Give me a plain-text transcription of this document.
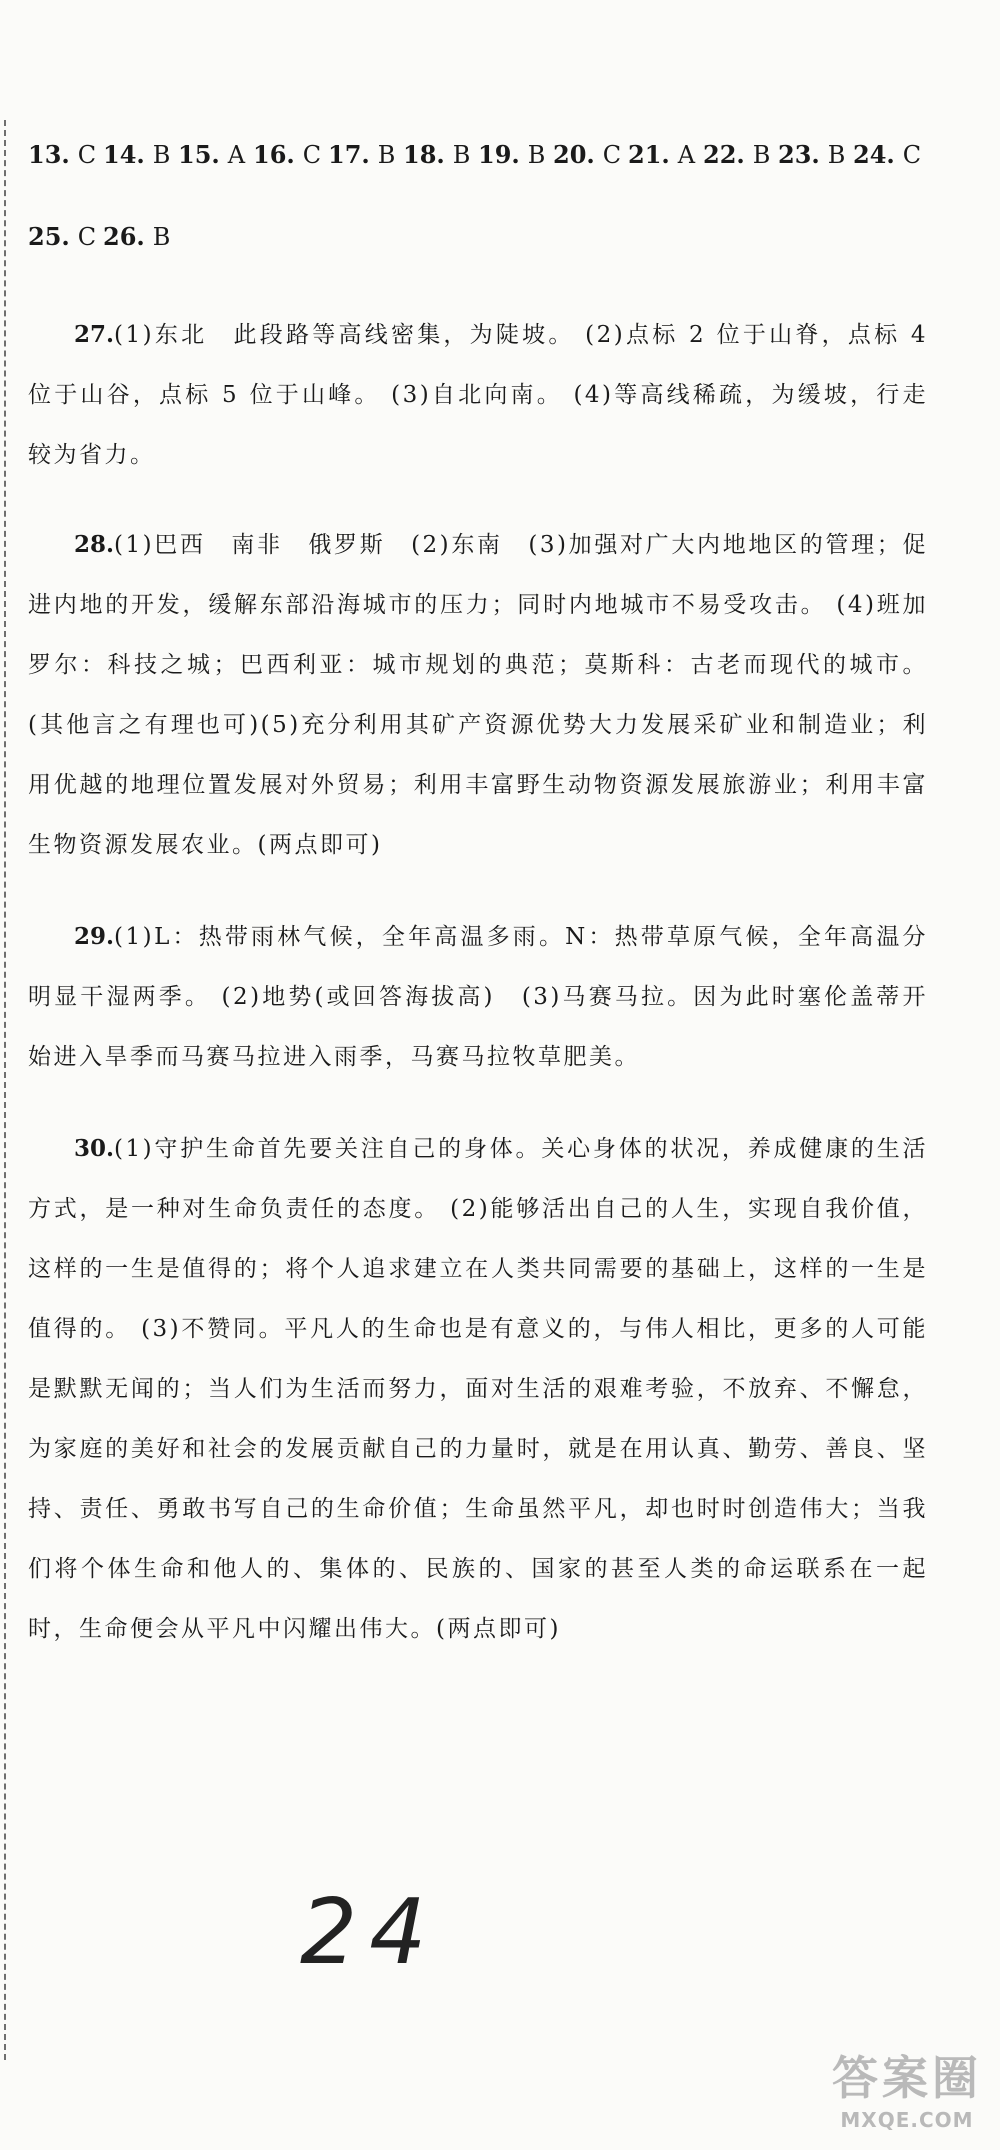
13. C 14. B 15. A 16. C 17. B 18. B 19. B 20. C 21. A 22. B 23. B 24. C
25. C 26. B

27.(1)东北　此段路等高线密集，为陡坡。 (2)点标 2 位于山脊，点标 4 位于山谷，点标 5 位于山峰。 (3)自北向南。 (4)等高线稀疏，为缓坡，行走较为省力。

28.(1)巴西　南非　俄罗斯　(2)东南　(3)加强对广大内地地区的管理；促进内地的开发，缓解东部沿海城市的压力；同时内地城市不易受攻击。 (4)班加罗尔：科技之城；巴西利亚：城市规划的典范；莫斯科：古老而现代的城市。(其他言之有理也可)(5)充分利用其矿产资源优势大力发展采矿业和制造业；利用优越的地理位置发展对外贸易；利用丰富野生动物资源发展旅游业；利用丰富生物资源发展农业。(两点即可)

29.(1)L：热带雨林气候，全年高温多雨。N：热带草原气候，全年高温分明显干湿两季。 (2)地势(或回答海拔高)　(3)马赛马拉。因为此时塞伦盖蒂开始进入旱季而马赛马拉进入雨季，马赛马拉牧草肥美。

30.(1)守护生命首先要关注自己的身体。关心身体的状况，养成健康的生活方式，是一种对生命负责任的态度。 (2)能够活出自己的人生，实现自我价值，这样的一生是值得的；将个人追求建立在人类共同需要的基础上，这样的一生是值得的。 (3)不赞同。平凡人的生命也是有意义的，与伟人相比，更多的人可能是默默无闻的；当人们为生活而努力，面对生活的艰难考验，不放弃、不懈怠，为家庭的美好和社会的发展贡献自己的力量时，就是在用认真、勤劳、善良、坚持、责任、勇敢书写自己的生命价值；生命虽然平凡，却也时时创造伟大；当我们将个体生命和他人的、集体的、民族的、国家的甚至人类的命运联系在一起时，生命便会从平凡中闪耀出伟大。(两点即可)

24
答案圈
MXQE.COM
